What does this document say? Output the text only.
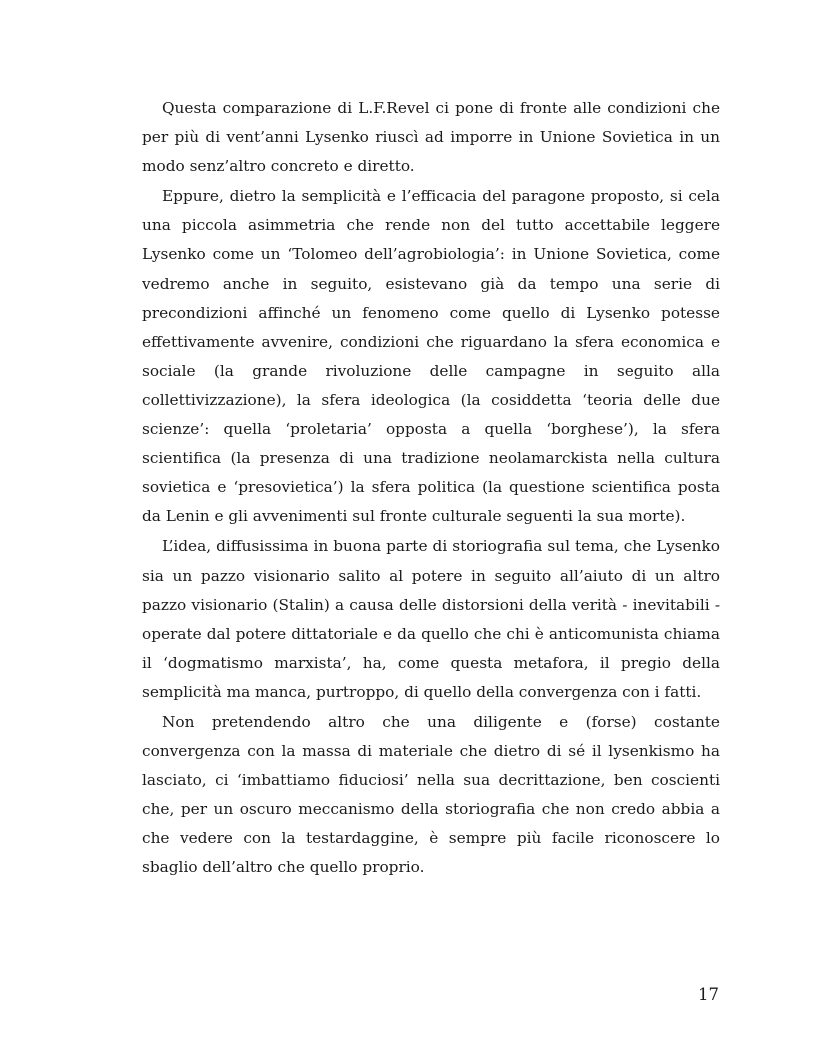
Questa comparazione di L.F.Revel ci pone di fronte alle condizioni che per più di vent’anni Lysenko riuscì ad imporre in Unione Sovietica in un modo senz’altro concreto e diretto.

Eppure, dietro la semplicità e l’efficacia del paragone proposto, si cela una piccola asimmetria che rende non del tutto accettabile leggere Lysenko come un ‘Tolomeo dell’agrobiologia’: in Unione Sovietica, come vedremo anche in seguito, esistevano già da tempo una serie di precondizioni affinché un fenomeno come quello di Lysenko potesse effettivamente avvenire, condizioni che riguardano la sfera economica e sociale (la grande rivoluzione delle campagne in seguito alla collettivizzazione), la sfera ideologica (la cosiddetta ‘teoria delle due scienze’: quella ‘proletaria’ opposta a quella ‘borghese’), la sfera scientifica (la presenza di una tradizione neolamarckista nella cultura sovietica e ‘presovietica’) la sfera politica (la questione scientifica posta da Lenin e gli avvenimenti sul fronte culturale seguenti la sua morte).

L’idea, diffusissima in buona parte di storiografia sul tema, che Lysenko sia un pazzo visionario salito al potere in seguito all’aiuto di un altro pazzo visionario (Stalin) a causa delle distorsioni della verità - inevitabili - operate dal potere dittatoriale e da quello che chi è anticomunista chiama il ‘dogmatismo marxista’, ha, come questa metafora, il pregio della semplicità ma manca, purtroppo, di quello della convergenza con i fatti.

Non pretendendo altro che una diligente e (forse) costante convergenza con la massa di materiale che dietro di sé il lysenkismo ha lasciato, ci ‘imbattiamo fiduciosi’ nella sua decrittazione, ben coscienti che, per un oscuro meccanismo della storiografia che non credo abbia a che vedere con la testardaggine, è sempre più facile riconoscere lo sbaglio dell’altro che quello proprio.

17
